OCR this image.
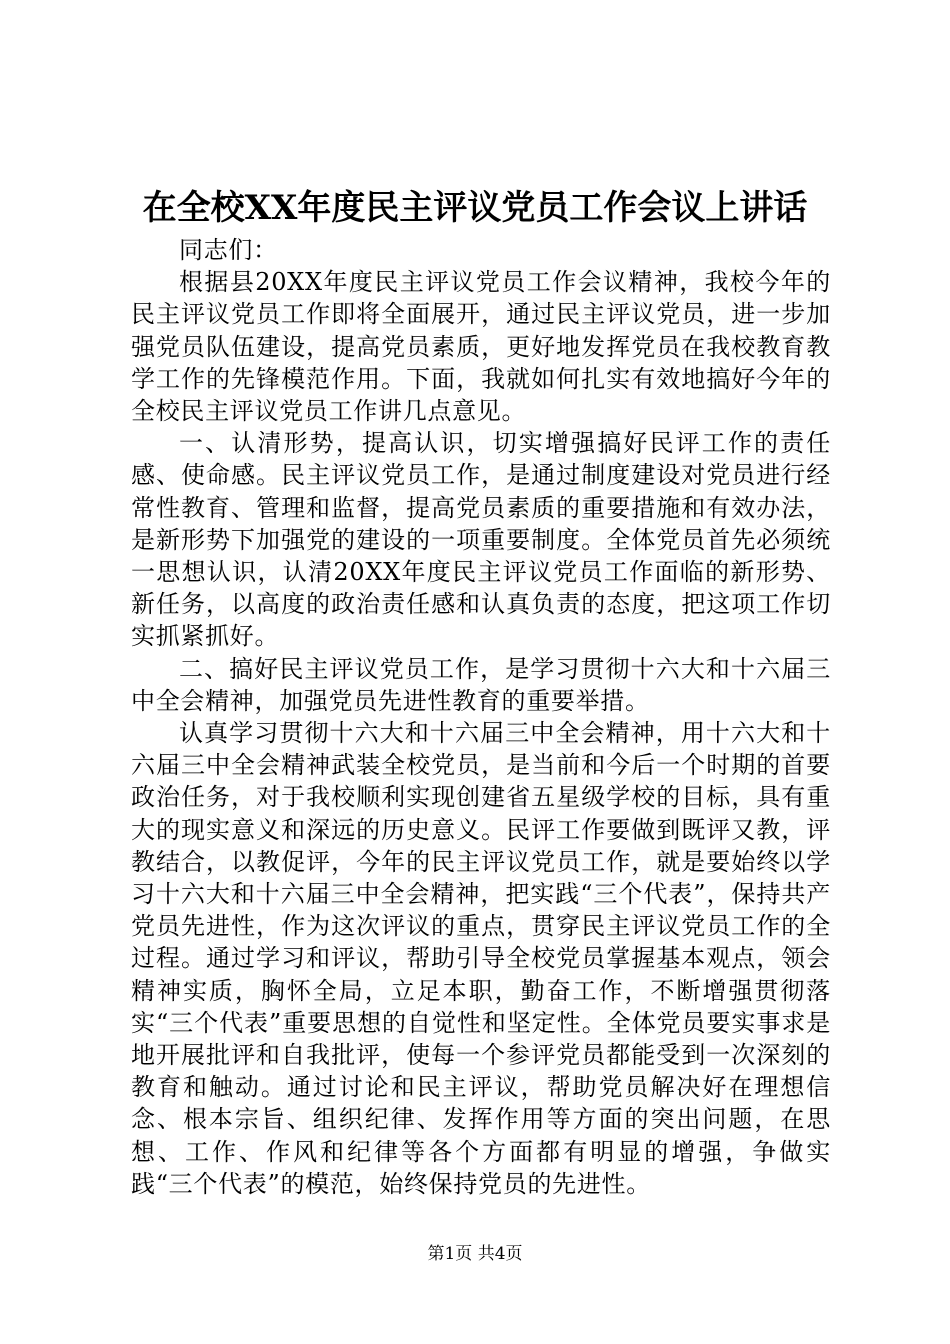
在全校XX年度民主评议党员工作会议上讲话

同志们：

根据县20XX年度民主评议党员工作会议精神，我校今年的民主评议党员工作即将全面展开，通过民主评议党员，进一步加强党员队伍建设，提高党员素质，更好地发挥党员在我校教育教学工作的先锋模范作用。下面，我就如何扎实有效地搞好今年的全校民主评议党员工作讲几点意见。

一、认清形势，提高认识，切实增强搞好民评工作的责任感、使命感。民主评议党员工作，是通过制度建设对党员进行经常性教育、管理和监督，提高党员素质的重要措施和有效办法，是新形势下加强党的建设的一项重要制度。全体党员首先必须统一思想认识，认清20XX年度民主评议党员工作面临的新形势、新任务，以高度的政治责任感和认真负责的态度，把这项工作切实抓紧抓好。

二、搞好民主评议党员工作，是学习贯彻十六大和十六届三中全会精神，加强党员先进性教育的重要举措。

认真学习贯彻十六大和十六届三中全会精神，用十六大和十六届三中全会精神武装全校党员，是当前和今后一个时期的首要政治任务，对于我校顺利实现创建省五星级学校的目标，具有重大的现实意义和深远的历史意义。民评工作要做到既评又教，评教结合，以教促评，今年的民主评议党员工作，就是要始终以学习十六大和十六届三中全会精神，把实践“三个代表”，保持共产党员先进性，作为这次评议的重点，贯穿民主评议党员工作的全过程。通过学习和评议，帮助引导全校党员掌握基本观点，领会精神实质，胸怀全局，立足本职，勤奋工作，不断增强贯彻落实“三个代表”重要思想的自觉性和坚定性。全体党员要实事求是地开展批评和自我批评，使每一个参评党员都能受到一次深刻的教育和触动。通过讨论和民主评议，帮助党员解决好在理想信念、根本宗旨、组织纪律、发挥作用等方面的突出问题，在思想、工作、作风和纪律等各个方面都有明显的增强，争做实践“三个代表”的模范，始终保持党员的先进性。

第1页 共4页
